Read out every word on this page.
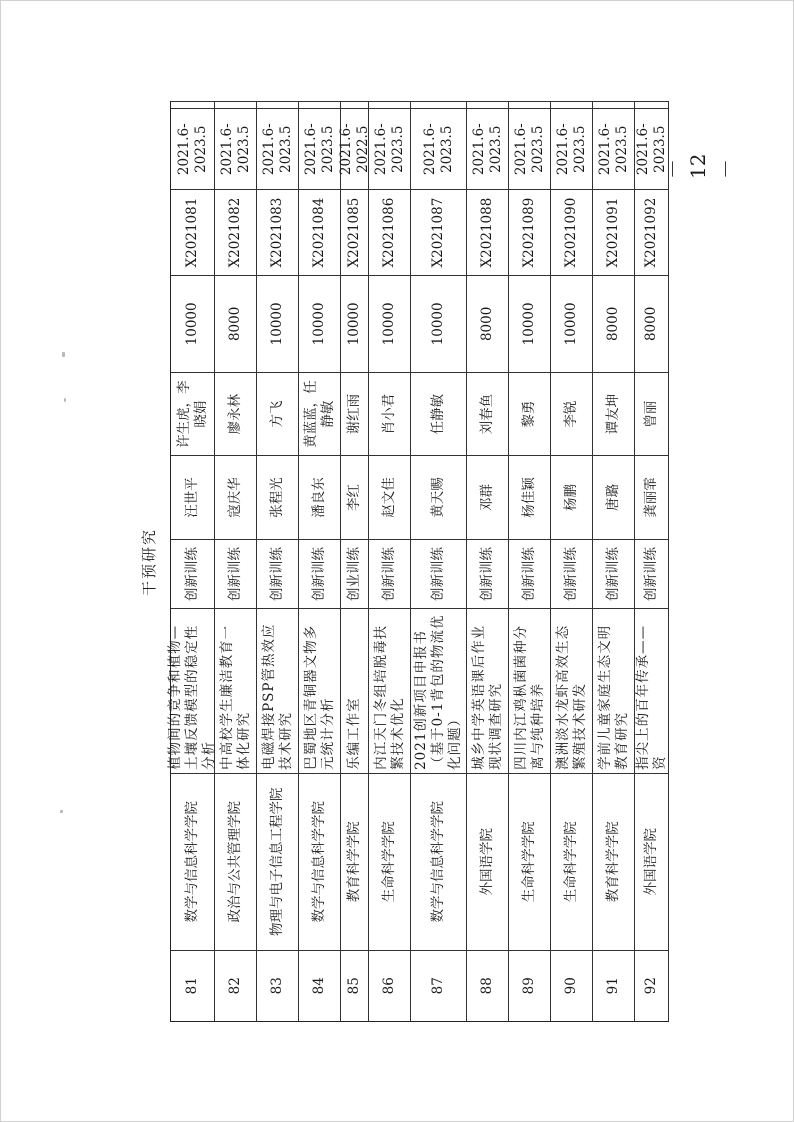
干预研究
81
数学与信息科学学院
植物间的竞争和植物—土壤反馈模型的稳定性分析
创新训练
汪世平
许生虎，李晓娟
10000
X2021081
2021.6-2023.5
82
政治与公共管理学院
中高校学生廉洁教育一体化研究
创新训练
寇庆华
廖永林
8000
X2021082
2021.6-2023.5
83
物理与电子信息工程学院
电磁焊接PSP管热效应技术研究
创新训练
张程光
方飞
10000
X2021083
2021.6-2023.5
84
数学与信息科学学院
巴蜀地区青铜器文物多元统计分析
创新训练
潘良东
黄蓝蓝，任静敏
10000
X2021084
2021.6-2023.5
85
教育科学学院
乐编工作室
创业训练
李红
谢红雨
10000
X2021085
2021.6-2022.5
86
生命科学学院
内江天门冬组培脱毒扶繁技术优化
创新训练
赵文佳
肖小君
10000
X2021086
2021.6-2023.5
87
数学与信息科学学院
2021创新项目申报书（基于0-1背包的物流优化问题）
创新训练
黄天赐
任静敏
10000
X2021087
2021.6-2023.5
88
外国语学院
城乡中学英语课后作业现状调查研究
创新训练
邓群
刘春鱼
8000
X2021088
2021.6-2023.5
89
生命科学学院
四川内江鸡枞菌菌种分离与纯种培养
创新训练
杨佳颖
黎勇
10000
X2021089
2021.6-2023.5
90
生命科学学院
澳洲淡水龙虾高效生态繁殖技术研发
创新训练
杨鹏
李锐
10000
X2021090
2021.6-2023.5
91
教育科学学院
学前儿童家庭生态文明教育研究
创新训练
唐璐
谭友坤
8000
X2021091
2021.6-2023.5
92
外国语学院
指尖上的百年传承——资
创新训练
龚丽霏
曾丽
8000
X2021092
2021.6-2023.5
－ 12 －
